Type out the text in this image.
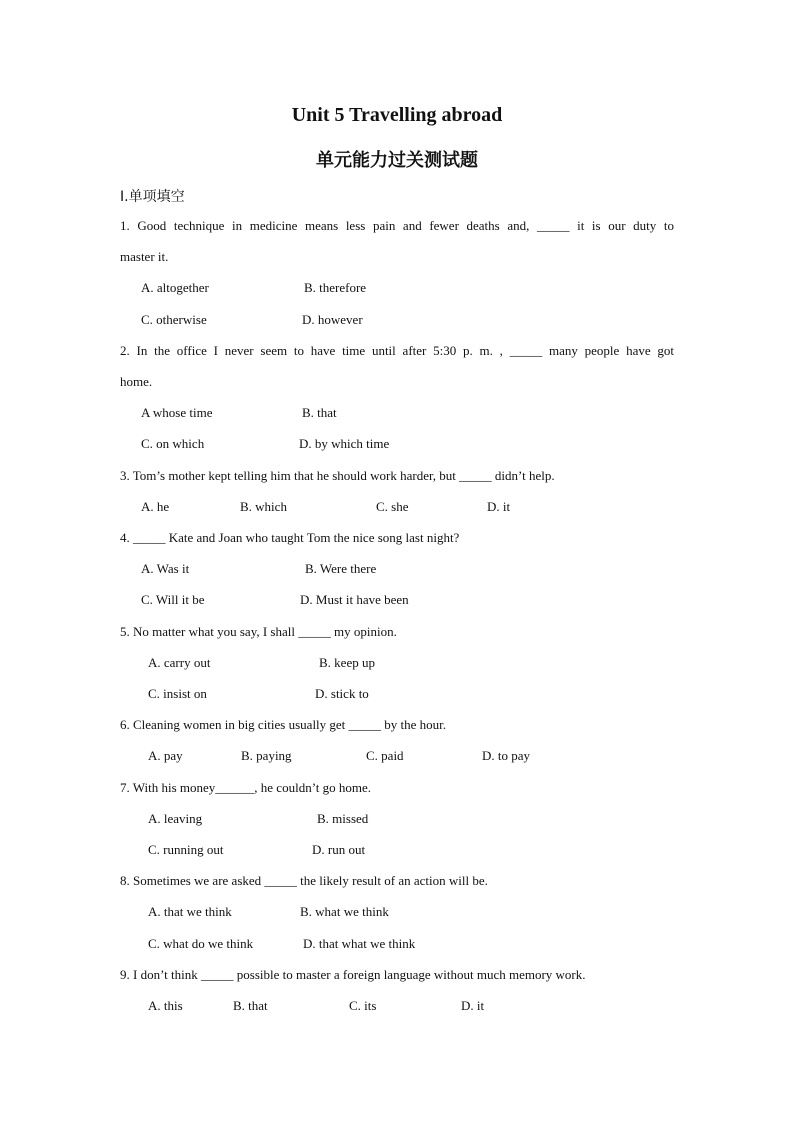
Unit 5 Travelling abroad
单元能力过关测试题

Ⅰ.单项填空

1. Good technique in medicine means less pain and fewer deaths and, _____ it is our duty to

master it.

A. altogether	B. therefore

C. otherwise	D. however

2. In the office I never seem to have time until after 5:30 p. m. , _____ many people have got

home.

A whose time	B. that

C. on which	D. by which time

3. Tom’s mother kept telling him that he should work harder, but _____ didn’t help.

A. he	B. which	C. she	D. it

4. _____ Kate and Joan who taught Tom the nice song last night?

A. Was it	B. Were there

C. Will it be	D. Must it have been

5. No matter what you say, I shall _____ my opinion.

A. carry out	B. keep up

C. insist on	D. stick to

6. Cleaning women in big cities usually get _____ by the hour.

A. pay	B. paying	C. paid	D. to pay

7. With his money______, he couldn’t go home.

A. leaving	B. missed

C. running out	D. run out

8. Sometimes we are asked _____ the likely result of an action will be.

A. that we think	B. what we think

C. what do we think	D. that what we think

9. I don’t think _____ possible to master a foreign language without much memory work.

A. this	B. that	C. its	D. it
